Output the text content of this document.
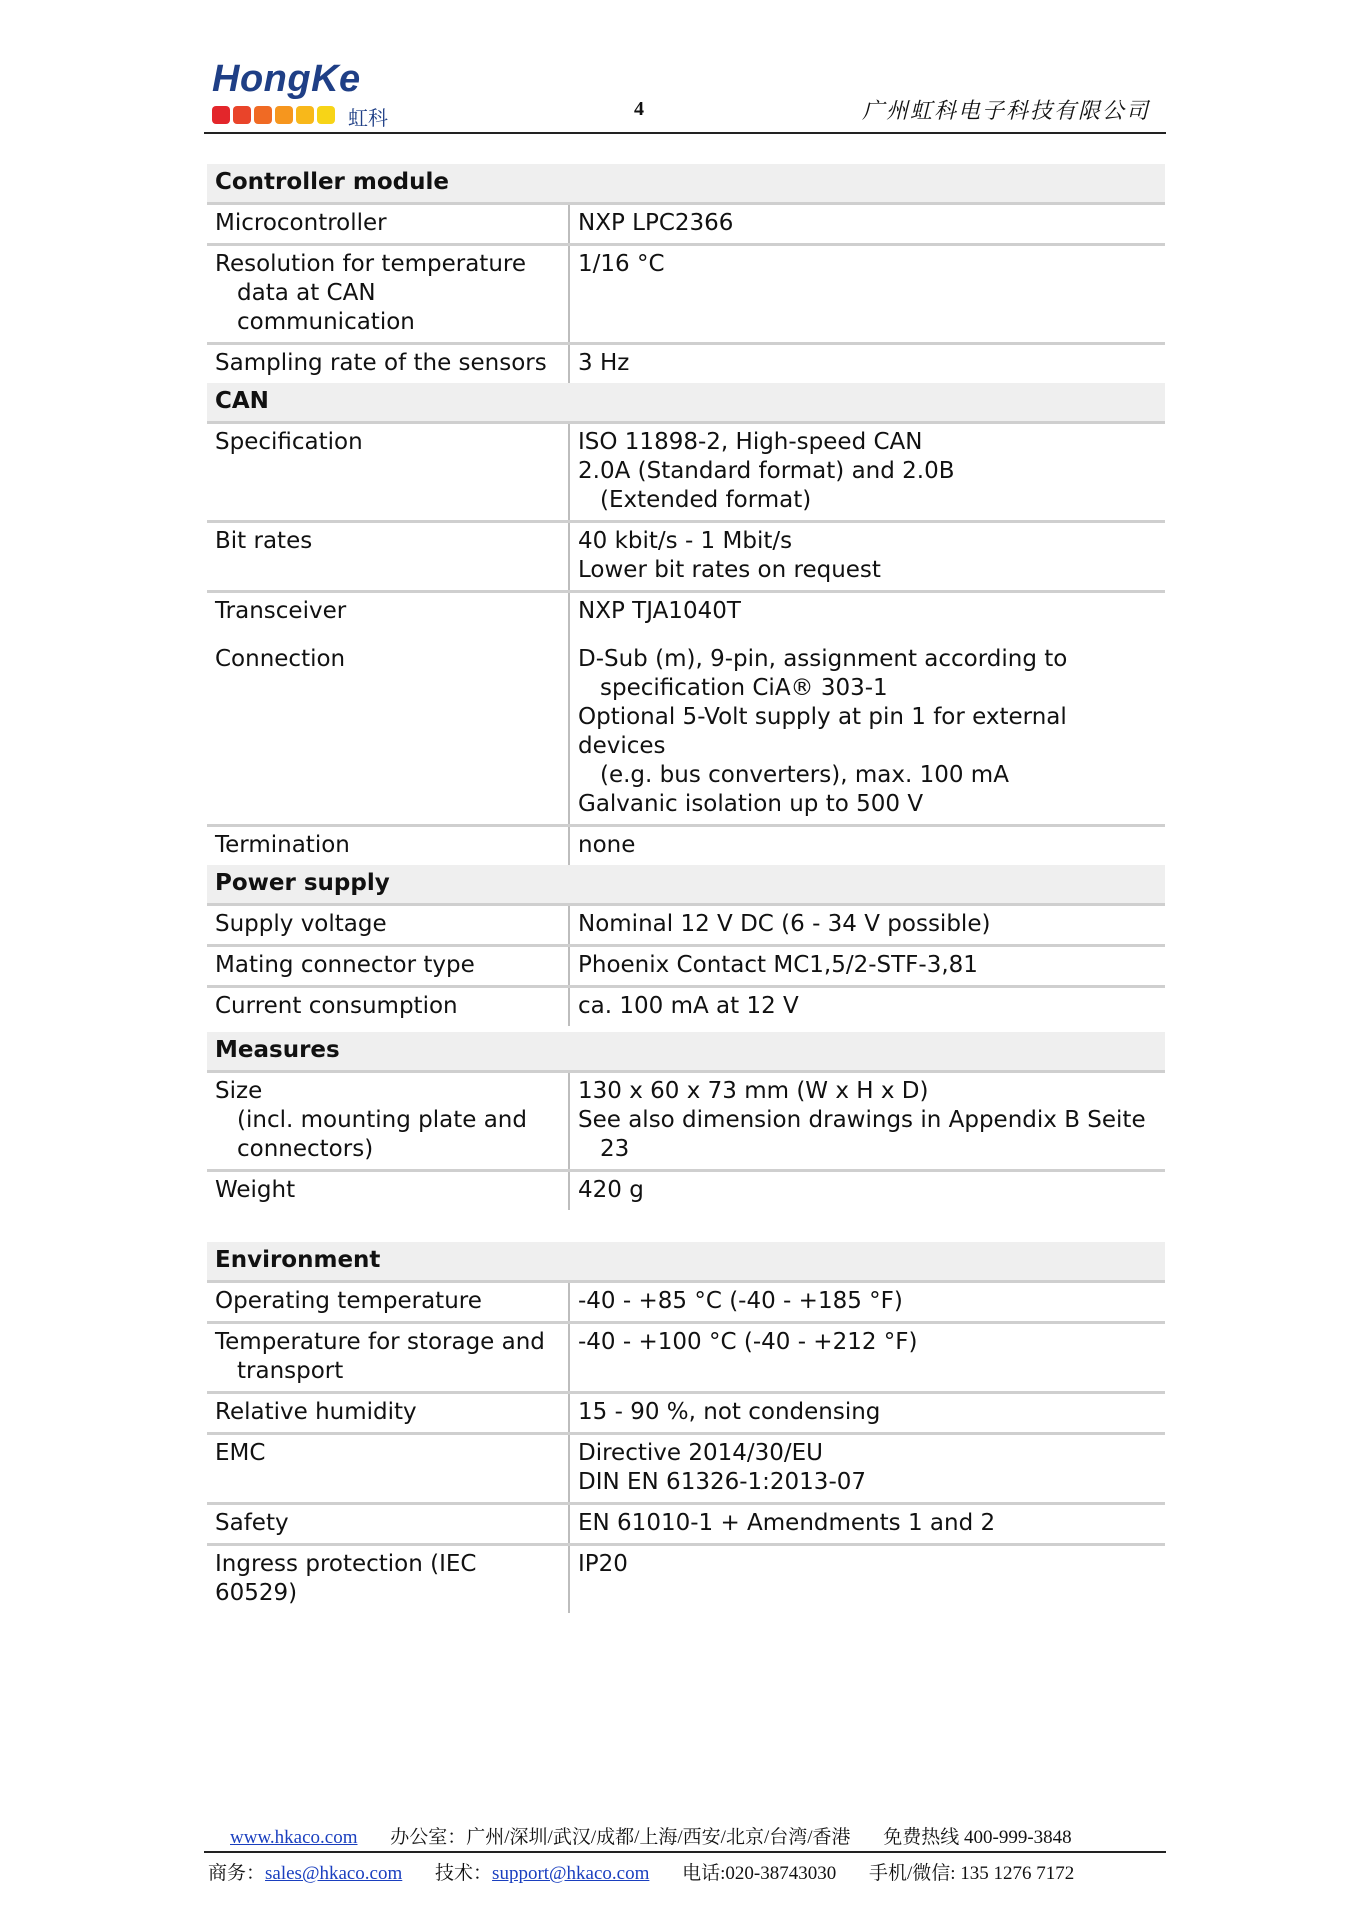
HongKe
虹科	4	广州虹科电子科技有限公司
Controller module	
Microcontroller	NXP LPC2366

Resolution for temperature
data at CAN communication	1/16 °C
Sampling rate of the sensors	3 Hz
CAN	
Specification	ISO 11898-2, High-speed CAN
2.0A (Standard format) and 2.0B
(Extended format)

Bit rates	40 kbit/s - 1 Mbit/s
Lower bit rates on request

Transceiver	NXP TJA1040T
Connection	D-Sub (m), 9-pin, assignment according to
specification CiA® 303-1
Optional 5-Volt supply at pin 1 for external devices
(e.g. bus converters), max. 100 mA
Galvanic isolation up to 500 V

Termination	none
Power supply	
Supply voltage	Nominal 12 V DC (6 - 34 V possible)
Mating connector type	Phoenix Contact MC1,5/2-STF-3,81
Current consumption	ca. 100 mA at 12 V
Measures	

Size
(incl. mounting plate and
connectors)	130 x 60 x 73 mm (W x H x D)
See also dimension drawings in Appendix B Seite
23

Weight	420 g
Environment	
Operating temperature	-40 - +85 °C (-40 - +185 °F)

Temperature for storage and
transport	-40 - +100 °C (-40 - +212 °F)
Relative humidity	15 - 90 %, not condensing
EMC	Directive 2014/30/EU
DIN EN 61326-1:2013-07

Safety	EN 61010-1 + Amendments 1 and 2
Ingress protection (IEC 60529)	IP20
www.hkaco.com 办公室：广州/深圳/武汉/成都/上海/西安/北京/台湾/香港 免费热线 400-999-3848
商务：sales@hkaco.com 技术：support@hkaco.com 电话:020-38743030 手机/微信: 135 1276 7172
